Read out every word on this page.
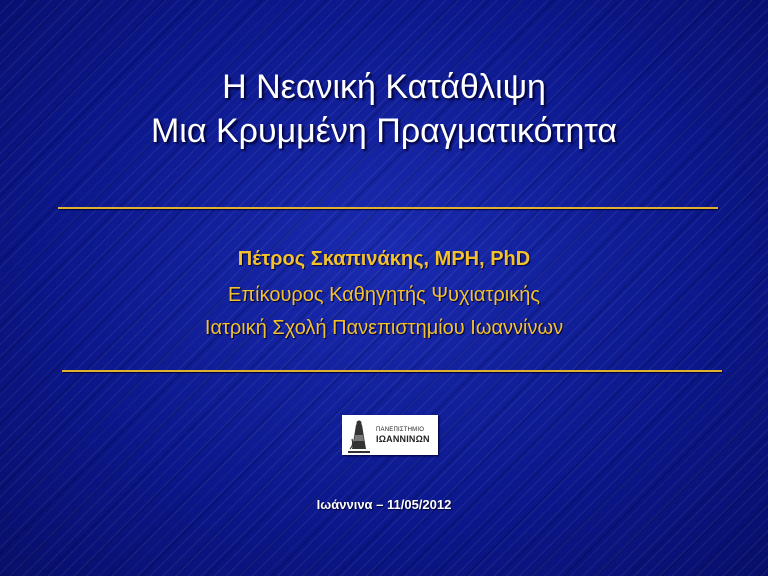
Η Νεανική Κατάθλιψη
Μια Κρυμμένη Πραγματικότητα
Πέτρος Σκαπινάκης, MPH, PhD
Επίκουρος Καθηγητής Ψυχιατρικής
Ιατρική Σχολή Πανεπιστημίου Ιωαννίνων
ΠΑΝΕΠΙΣΤΗΜΙΟ
ΙΩΑΝΝΙΝΩΝ
Ιωάννινα – 11/05/2012
